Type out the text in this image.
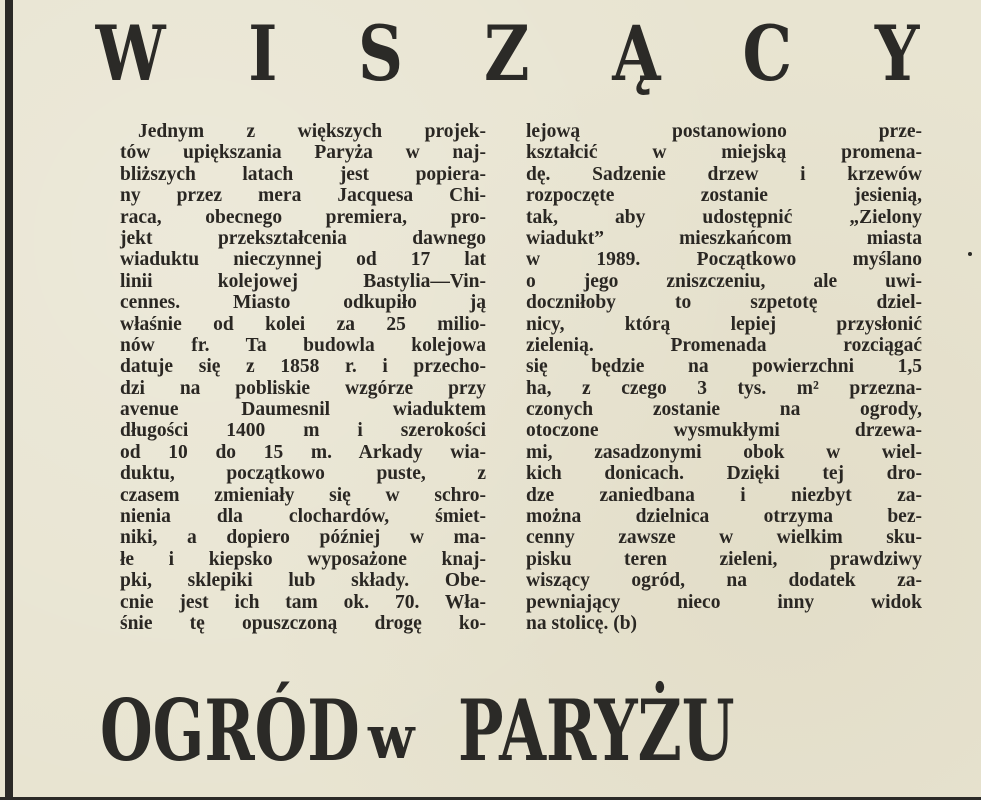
W I S Z Ą C Y
Jednym z większych projek-
tów upiększania Paryża w naj-
bliższych latach jest popiera-
ny przez mera Jacquesa Chi-
raca, obecnego premiera, pro-
jekt przekształcenia dawnego
wiaduktu nieczynnej od 17 lat
linii kolejowej Bastylia—Vin-
cennes. Miasto odkupiło ją
właśnie od kolei za 25 milio-
nów fr. Ta budowla kolejowa
datuje się z 1858 r. i przecho-
dzi na pobliskie wzgórze przy
avenue Daumesnil wiaduktem
długości 1400 m i szerokości
od 10 do 15 m. Arkady wia-
duktu, początkowo puste, z
czasem zmieniały się w schro-
nienia dla clochardów, śmiet-
niki, a dopiero później w ma-
łe i kiepsko wyposażone knaj-
pki, sklepiki lub składy. Obe-
cnie jest ich tam ok. 70. Wła-
śnie tę opuszczoną drogę ko-
lejową postanowiono prze-
kształcić w miejską promena-
dę. Sadzenie drzew i krzewów
rozpoczęte zostanie jesienią,
tak, aby udostępnić „Zielony
wiadukt” mieszkańcom miasta
w 1989. Początkowo myślano
o jego zniszczeniu, ale uwi-
doczniłoby to szpetotę dziel-
nicy, którą lepiej przysłonić
zielenią. Promenada rozciągać
się będzie na powierzchni 1,5
ha, z czego 3 tys. m² przezna-
czonych zostanie na ogrody,
otoczone wysmukłymi drzewa-
mi, zasadzonymi obok w wiel-
kich donicach. Dzięki tej dro-
dze zaniedbana i niezbyt za-
można dzielnica otrzyma bez-
cenny zawsze w wielkim sku-
pisku teren zieleni, prawdziwy
wiszący ogród, na dodatek za-
pewniający nieco inny widok
na stolicę. (b)
OGRÓD w PARYŻU
